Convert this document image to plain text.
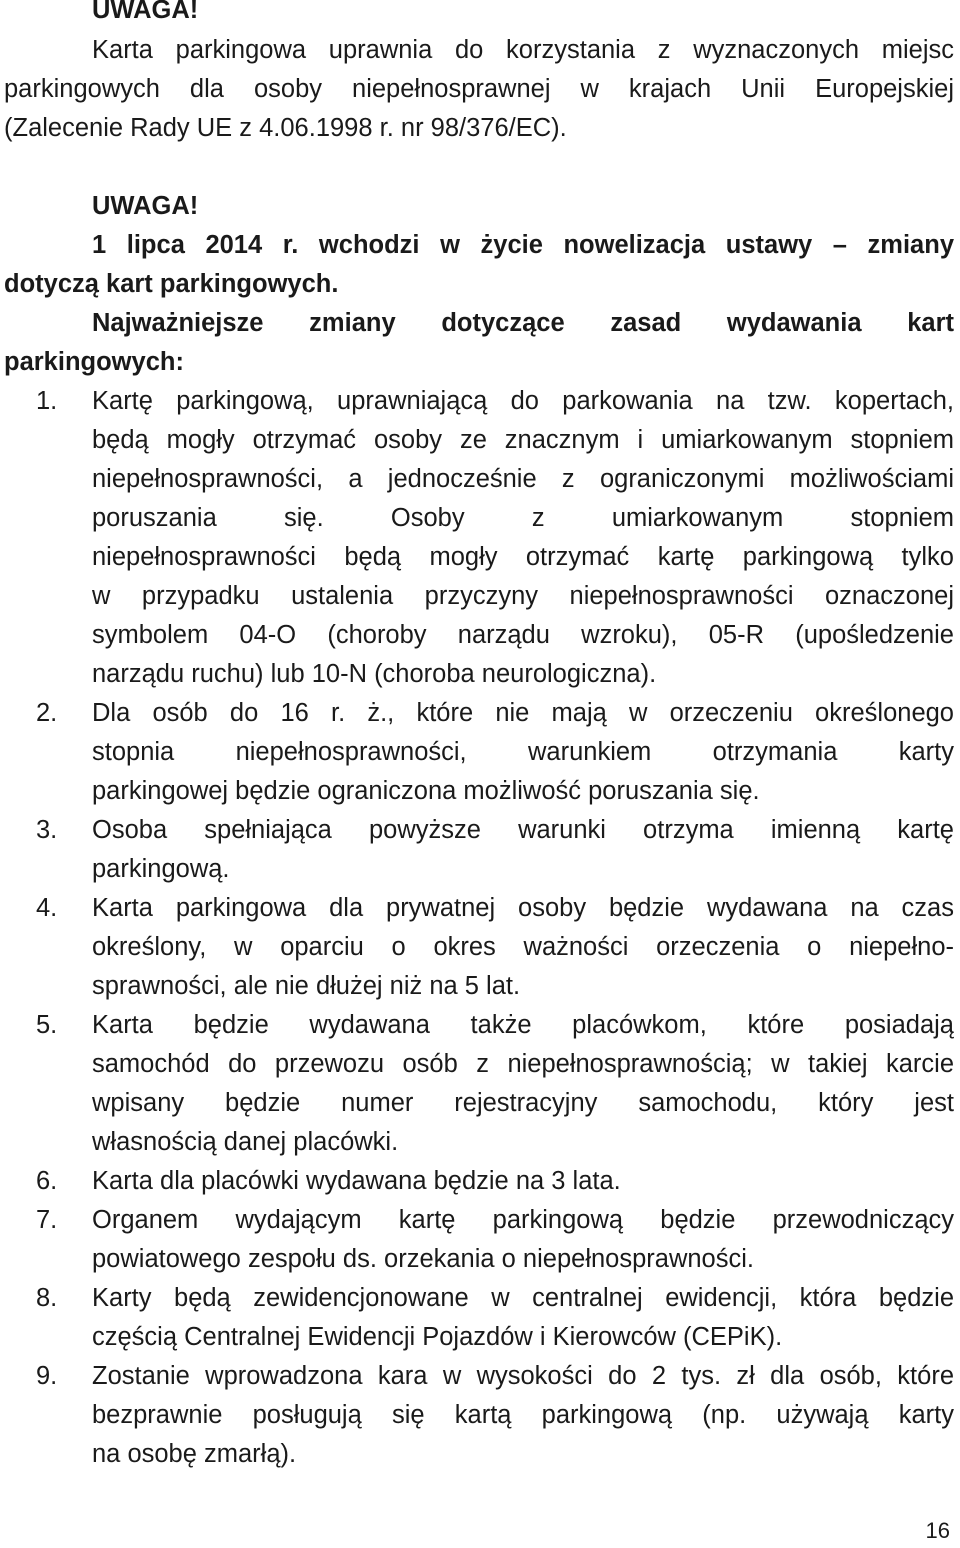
UWAGA!
Karta parkingowa uprawnia do korzystania z wyznaczonych miejsc
parkingowych dla osoby niepełnosprawnej w krajach Unii Europejskiej
(Zalecenie Rady UE z 4.06.1998 r. nr 98/376/EC).
UWAGA!
1 lipca 2014 r. wchodzi w życie nowelizacja ustawy – zmiany
dotyczą kart parkingowych.
Najważniejsze zmiany dotyczące zasad wydawania kart
parkingowych:
1. Kartę parkingową, uprawniającą do parkowania na tzw. kopertach,
będą mogły otrzymać osoby ze znacznym i umiarkowanym stopniem
niepełnosprawności, a jednocześnie z ograniczonymi możliwościami
poruszania się. Osoby z umiarkowanym stopniem
niepełnosprawności będą mogły otrzymać kartę parkingową tylko
w przypadku ustalenia przyczyny niepełnosprawności oznaczonej
symbolem 04-O (choroby narządu wzroku), 05-R (upośledzenie
narządu ruchu) lub 10-N (choroba neurologiczna).
2. Dla osób do 16 r. ż., które nie mają w orzeczeniu określonego
stopnia niepełnosprawności, warunkiem otrzymania karty
parkingowej będzie ograniczona możliwość poruszania się.
3. Osoba spełniająca powyższe warunki otrzyma imienną kartę
parkingową.
4. Karta parkingowa dla prywatnej osoby będzie wydawana na czas
określony, w oparciu o okres ważności orzeczenia o niepełno-
sprawności, ale nie dłużej niż na 5 lat.
5. Karta będzie wydawana także placówkom, które posiadają
samochód do przewozu osób z niepełnosprawnością; w takiej karcie
wpisany będzie numer rejestracyjny samochodu, który jest
własnością danej placówki.
6. Karta dla placówki wydawana będzie na 3 lata.
7. Organem wydającym kartę parkingową będzie przewodniczący
powiatowego zespołu ds. orzekania o niepełnosprawności.
8. Karty będą zewidencjonowane w centralnej ewidencji, która będzie
częścią Centralnej Ewidencji Pojazdów i Kierowców (CEPiK).
9. Zostanie wprowadzona kara w wysokości do 2 tys. zł dla osób, które
bezprawnie posługują się kartą parkingową (np. używają karty
na osobę zmarłą).
16
